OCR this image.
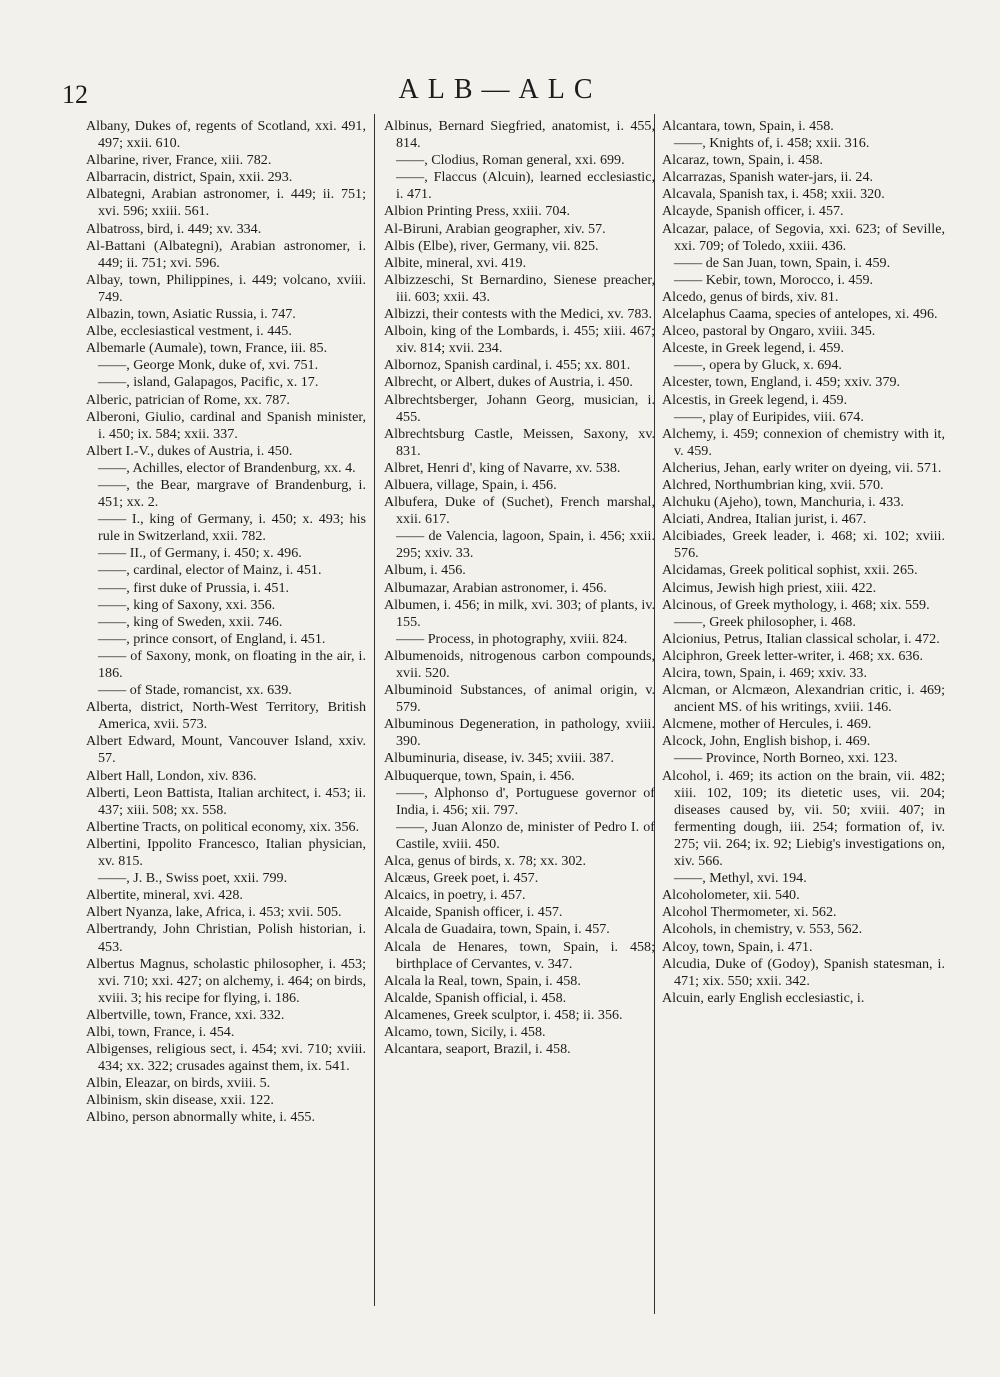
12	ALB—ALC
Albany, Dukes of, regents of Scotland, xxi. 491, 497; xxii. 610.
Albarine, river, France, xiii. 782.
Albarracin, district, Spain, xxii. 293.
Albategni, Arabian astronomer, i. 449; ii. 751; xvi. 596; xxiii. 561.
Albatross, bird, i. 449; xv. 334.
Al-Battani (Albategni), Arabian astronomer, i. 449; ii. 751; xvi. 596.
Albay, town, Philippines, i. 449; volcano, xviii. 749.
Albazin, town, Asiatic Russia, i. 747.
Albe, ecclesiastical vestment, i. 445.
Albemarle (Aumale), town, France, iii. 85.
——, George Monk, duke of, xvi. 751.
——, island, Galapagos, Pacific, x. 17.
Alberic, patrician of Rome, xx. 787.
Alberoni, Giulio, cardinal and Spanish minister, i. 450; ix. 584; xxii. 337.
Albert I.-V., dukes of Austria, i. 450.
——, Achilles, elector of Brandenburg, xx. 4.
——, the Bear, margrave of Brandenburg, i. 451; xx. 2.
—— I., king of Germany, i. 450; x. 493; his rule in Switzerland, xxii. 782.
—— II., of Germany, i. 450; x. 496.
——, cardinal, elector of Mainz, i. 451.
——, first duke of Prussia, i. 451.
——, king of Saxony, xxi. 356.
——, king of Sweden, xxii. 746.
——, prince consort, of England, i. 451.
—— of Saxony, monk, on floating in the air, i. 186.
—— of Stade, romancist, xx. 639.
Alberta, district, North-West Territory, British America, xvii. 573.
Albert Edward, Mount, Vancouver Island, xxiv. 57.
Albert Hall, London, xiv. 836.
Alberti, Leon Battista, Italian architect, i. 453; ii. 437; xiii. 508; xx. 558.
Albertine Tracts, on political economy, xix. 356.
Albertini, Ippolito Francesco, Italian physician, xv. 815.
——, J. B., Swiss poet, xxii. 799.
Albertite, mineral, xvi. 428.
Albert Nyanza, lake, Africa, i. 453; xvii. 505.
Albertrandy, John Christian, Polish historian, i. 453.
Albertus Magnus, scholastic philosopher, i. 453; xvi. 710; xxi. 427; on alchemy, i. 464; on birds, xviii. 3; his recipe for flying, i. 186.
Albertville, town, France, xxi. 332.
Albi, town, France, i. 454.
Albigenses, religious sect, i. 454; xvi. 710; xviii. 434; xx. 322; crusades against them, ix. 541.
Albin, Eleazar, on birds, xviii. 5.
Albinism, skin disease, xxii. 122.
Albino, person abnormally white, i. 455.
Albinus, Bernard Siegfried, anatomist, i. 455, 814.
——, Clodius, Roman general, xxi. 699.
——, Flaccus (Alcuin), learned ecclesiastic, i. 471.
Albion Printing Press, xxiii. 704.
Al-Biruni, Arabian geographer, xiv. 57.
Albis (Elbe), river, Germany, vii. 825.
Albite, mineral, xvi. 419.
Albizzeschi, St Bernardino, Sienese preacher, iii. 603; xxii. 43.
Albizzi, their contests with the Medici, xv. 783.
Alboin, king of the Lombards, i. 455; xiii. 467; xiv. 814; xvii. 234.
Albornoz, Spanish cardinal, i. 455; xx. 801.
Albrecht, or Albert, dukes of Austria, i. 450.
Albrechtsberger, Johann Georg, musician, i. 455.
Albrechtsburg Castle, Meissen, Saxony, xv. 831.
Albret, Henri d', king of Navarre, xv. 538.
Albuera, village, Spain, i. 456.
Albufera, Duke of (Suchet), French marshal, xxii. 617.
—— de Valencia, lagoon, Spain, i. 456; xxii. 295; xxiv. 33.
Album, i. 456.
Albumazar, Arabian astronomer, i. 456.
Albumen, i. 456; in milk, xvi. 303; of plants, iv. 155.
—— Process, in photography, xviii. 824.
Albumenoids, nitrogenous carbon compounds, xvii. 520.
Albuminoid Substances, of animal origin, v. 579.
Albuminous Degeneration, in pathology, xviii. 390.
Albuminuria, disease, iv. 345; xviii. 387.
Albuquerque, town, Spain, i. 456.
——, Alphonso d', Portuguese governor of India, i. 456; xii. 797.
——, Juan Alonzo de, minister of Pedro I. of Castile, xviii. 450.
Alca, genus of birds, x. 78; xx. 302.
Alcæus, Greek poet, i. 457.
Alcaics, in poetry, i. 457.
Alcaide, Spanish officer, i. 457.
Alcala de Guadaira, town, Spain, i. 457.
Alcala de Henares, town, Spain, i. 458; birthplace of Cervantes, v. 347.
Alcala la Real, town, Spain, i. 458.
Alcalde, Spanish official, i. 458.
Alcamenes, Greek sculptor, i. 458; ii. 356.
Alcamo, town, Sicily, i. 458.
Alcantara, seaport, Brazil, i. 458.
Alcantara, town, Spain, i. 458.
——, Knights of, i. 458; xxii. 316.
Alcaraz, town, Spain, i. 458.
Alcarrazas, Spanish water-jars, ii. 24.
Alcavala, Spanish tax, i. 458; xxii. 320.
Alcayde, Spanish officer, i. 457.
Alcazar, palace, of Segovia, xxi. 623; of Seville, xxi. 709; of Toledo, xxiii. 436.
—— de San Juan, town, Spain, i. 459.
—— Kebir, town, Morocco, i. 459.
Alcedo, genus of birds, xiv. 81.
Alcelaphus Caama, species of antelopes, xi. 496.
Alceo, pastoral by Ongaro, xviii. 345.
Alceste, in Greek legend, i. 459.
——, opera by Gluck, x. 694.
Alcester, town, England, i. 459; xxiv. 379.
Alcestis, in Greek legend, i. 459.
——, play of Euripides, viii. 674.
Alchemy, i. 459; connexion of chemistry with it, v. 459.
Alcherius, Jehan, early writer on dyeing, vii. 571.
Alchred, Northumbrian king, xvii. 570.
Alchuku (Ajeho), town, Manchuria, i. 433.
Alciati, Andrea, Italian jurist, i. 467.
Alcibiades, Greek leader, i. 468; xi. 102; xviii. 576.
Alcidamas, Greek political sophist, xxii. 265.
Alcimus, Jewish high priest, xiii. 422.
Alcinous, of Greek mythology, i. 468; xix. 559.
——, Greek philosopher, i. 468.
Alcionius, Petrus, Italian classical scholar, i. 472.
Alciphron, Greek letter-writer, i. 468; xx. 636.
Alcira, town, Spain, i. 469; xxiv. 33.
Alcman, or Alcmæon, Alexandrian critic, i. 469; ancient MS. of his writings, xviii. 146.
Alcmene, mother of Hercules, i. 469.
Alcock, John, English bishop, i. 469.
—— Province, North Borneo, xxi. 123.
Alcohol, i. 469; its action on the brain, vii. 482; xiii. 102, 109; its dietetic uses, vii. 204; diseases caused by, vii. 50; xviii. 407; in fermenting dough, iii. 254; formation of, iv. 275; vii. 264; ix. 92; Liebig's investigations on, xiv. 566.
——, Methyl, xvi. 194.
Alcoholometer, xii. 540.
Alcohol Thermometer, xi. 562.
Alcohols, in chemistry, v. 553, 562.
Alcoy, town, Spain, i. 471.
Alcudia, Duke of (Godoy), Spanish statesman, i. 471; xix. 550; xxii. 342.
Alcuin, early English ecclesiastic, i.
